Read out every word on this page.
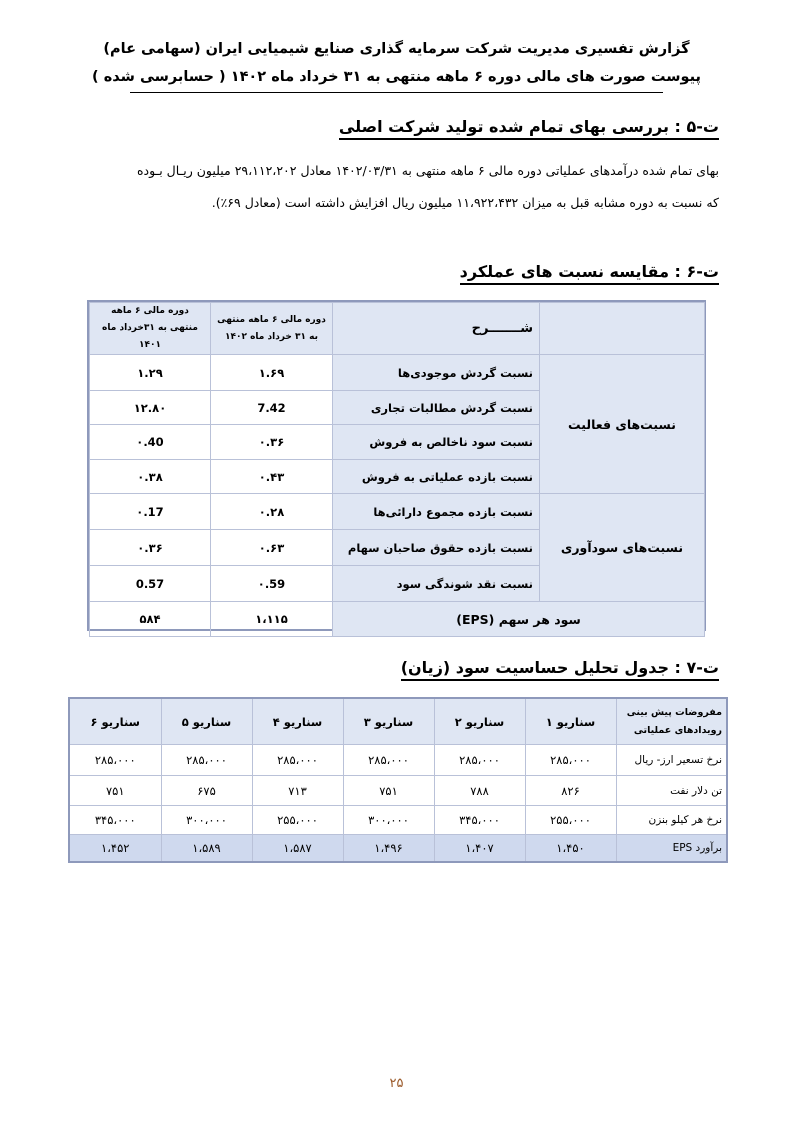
گزارش تفسیری مدیریت شرکت سرمایه گذاری صنایع شیمیایی ایران (سهامی عام)
پیوست صورت های مالی دوره ۶ ماهه منتهی به ۳۱ خرداد ماه ۱۴۰۲ ( حسابرسی شده )
ت-۵ : بررسی بهای تمام شده تولید شرکت اصلی
بهای تمام شده درآمدهای عملیاتی دوره مالی ۶ ماهه منتهی به ۱۴۰۲/۰۳/۳۱ معادل ۲۹،۱۱۲،۲۰۲ میلیون ریـال بـوده
که نسبت به دوره مشابه قبل به میزان ۱۱،۹۲۲،۴۳۲ میلیون ریال افزایش داشته است (معادل ۶۹٪).
ت-۶ : مقایسه نسبت های عملکرد
	شـــــــرح	دوره مالی ۶ ماهه منتهی به ۳۱ خرداد ماه ۱۴۰۲	دوره مالی ۶ ماهه منتهی به ۳۱خرداد ماه ۱۴۰۱
نسبت‌های فعالیت	نسبت گردش موجودی‌ها	۱.۶۹	۱.۲۹
	نسبت گردش مطالبات تجاری	7.42	۱۲.۸۰
	نسبت سود ناخالص به فروش	۰.۳۶	۰.40
	نسبت بازده عملیاتی به فروش	۰.۴۳	۰.۳۸
نسبت‌های سودآوری	نسبت بازده مجموع دارائی‌ها	۰.۲۸	۰.17
	نسبت بازده حقوق صاحبان سهام	۰.۶۳	۰.۳۶
	نسبت نقد شوندگی سود	۰.59	0.57
سود هر سهم (EPS)		۱،۱۱۵	۵۸۴
ت-۷ : جدول تحلیل حساسیت سود (زیان)
مفروضات پیش بینی رویدادهای عملیاتی	سناریو ۱	سناریو ۲	سناریو ۳	سناریو ۴	سناریو ۵	سناریو ۶
نرخ تسعیر ارز- ریال	۲۸۵،۰۰۰	۲۸۵،۰۰۰	۲۸۵،۰۰۰	۲۸۵،۰۰۰	۲۸۵،۰۰۰	۲۸۵،۰۰۰
تن دلار نفت	۸۲۶	۷۸۸	۷۵۱	۷۱۳	۶۷۵	۷۵۱
نرخ هر کیلو بنزن	۲۵۵،۰۰۰	۳۴۵،۰۰۰	۳۰۰،۰۰۰	۲۵۵،۰۰۰	۳۰۰،۰۰۰	۳۴۵،۰۰۰
برآورد EPS	۱،۴۵۰	۱،۴۰۷	۱،۴۹۶	۱،۵۸۷	۱،۵۸۹	۱،۴۵۲
۲۵
